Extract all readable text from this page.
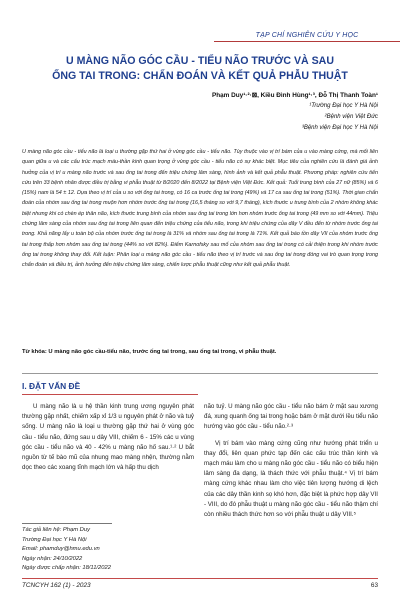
TẠP CHÍ NGHIÊN CỨU Y HỌC
U MÀNG NÃO GÓC CẦU - TIỂU NÃO TRƯỚC VÀ SAU
ỐNG TAI TRONG: CHẨN ĐOÁN VÀ KẾT QUẢ PHẪU THUẬT
Phạm Duy¹·²·⊠, Kiều Đình Hùng¹·³, Đỗ Thị Thanh Toàn¹
¹Trường Đại học Y Hà Nội
²Bệnh viện Việt Đức
³Bệnh viện Đại học Y Hà Nội
U màng não góc cầu - tiểu não là loại u thường gặp thứ hai ở vùng góc cầu - tiểu não. Tùy thuộc vào vị trí bám của u vào màng cứng, mà mối liên quan giữa u và các cấu trúc mạch máu-thần kinh quan trọng ở vùng góc cầu - tiểu não có sự khác biệt. Mục tiêu của nghiên cứu là đánh giá ảnh hưởng của vị trí u màng não trước và sau ống tai trong đến triệu chứng lâm sàng, hình ảnh và kết quả phẫu thuật. Phương pháp: nghiên cứu tiến cứu trên 33 bệnh nhân được điều trị bằng vi phẫu thuật từ 8/2020 đến 8/2022 tại Bệnh viện Việt Đức. Kết quả: Tuổi trung bình của 27 nữ (85%) và 6 (15%) nam là 54 ± 12. Dựa theo vị trí của u so với ống tai trong, có 16 ca trước ống tai trong (49%) và 17 ca sau ống tai trong (51%). Thời gian chẩn đoán của nhóm sau ống tai trong muộn hơn nhóm trước ống tai trong (16,5 tháng so với 9,7 tháng), kích thước u trung bình của 2 nhóm không khác biệt nhưng khi có chèn ép thân não, kích thước trung bình của nhóm sau ống tai trong lớn hơn nhóm trước ống tai trong (49 mm so với 44mm). Triệu chứng lâm sàng của nhóm sau ống tai trong liên quan đến triệu chứng của tiểu não, trong khi triệu chứng của dây V đều đến từ nhóm trước ống tai trong. Khả năng lấy u toàn bộ của nhóm trước ống tai trong là 31% và nhóm sau ống tai trong là 71%. Kết quả báo tồn dây VII của nhóm trước ống tai trong thấp hơn nhóm sau ống tai trong (44% so với 82%). Điểm Karnofsky sau mổ của nhóm sau ống tai trong có cải thiện trong khi nhóm trước ống tai trong không thay đổi. Kết luận: Phân loại u màng não góc cầu - tiểu não theo vị trí trước và sau ống tai trong đóng vai trò quan trọng trong chẩn đoán và điều trị, ảnh hưởng đến triệu chứng lâm sàng, chiến lược phẫu thuật cũng như kết quả phẫu thuật.
Từ khóa: U màng não góc cầu-tiểu não, trước ống tai trong, sau ống tai trong, vi phẫu thuật.
I. ĐẶT VẤN ĐỀ

U màng não là u hệ thần kinh trung ương nguyên phát thường gặp nhất, chiếm xấp xỉ 1/3 u nguyên phát ở não và tuỷ sống. U màng não là loại u thường gặp thứ hai ở vùng góc cầu - tiểu não, đứng sau u dây VIII, chiếm 6 - 15% các u vùng góc cầu - tiểu não và 40 - 42% u màng não hố sau.¹·² U bắt nguồn từ tế bào mũ của nhung mao màng nhện, thường nằm dọc theo các xoang tĩnh mạch lớn và hấp thu dịch

não tuỷ. U màng não góc cầu - tiểu não bám ở mặt sau xương đá, xung quanh ống tai trong hoặc bám ở mặt dưới lều tiểu não hướng vào góc cầu - tiểu não.²·³

Vị trí bám vào màng cứng cũng như hướng phát triển u thay đổi, liên quan phức tạp đến các cấu trúc thần kinh và mạch máu làm cho u màng não góc cầu - tiểu não có biểu hiện lâm sàng đa dạng, là thách thức với phẫu thuật.⁴ Vị trí bám màng cứng khác nhau làm cho việc tiên lượng hướng di lệch của các dây thần kinh sọ khó hơn, đặc biệt là phức hợp dây VII - VIII, do đó phẫu thuật u màng não góc cầu - tiểu não thậm chí còn nhiều thách thức hơn so với phẫu thuật u dây VIII.⁵

Tác giả liên hệ: Phạm Duy
Trường Đại học Y Hà Nội
Email: phamduy@hmu.edu.vn
Ngày nhận: 24/10/2022
Ngày được chấp nhận: 18/11/2022
TCNCYH 162 (1) - 2023	63
